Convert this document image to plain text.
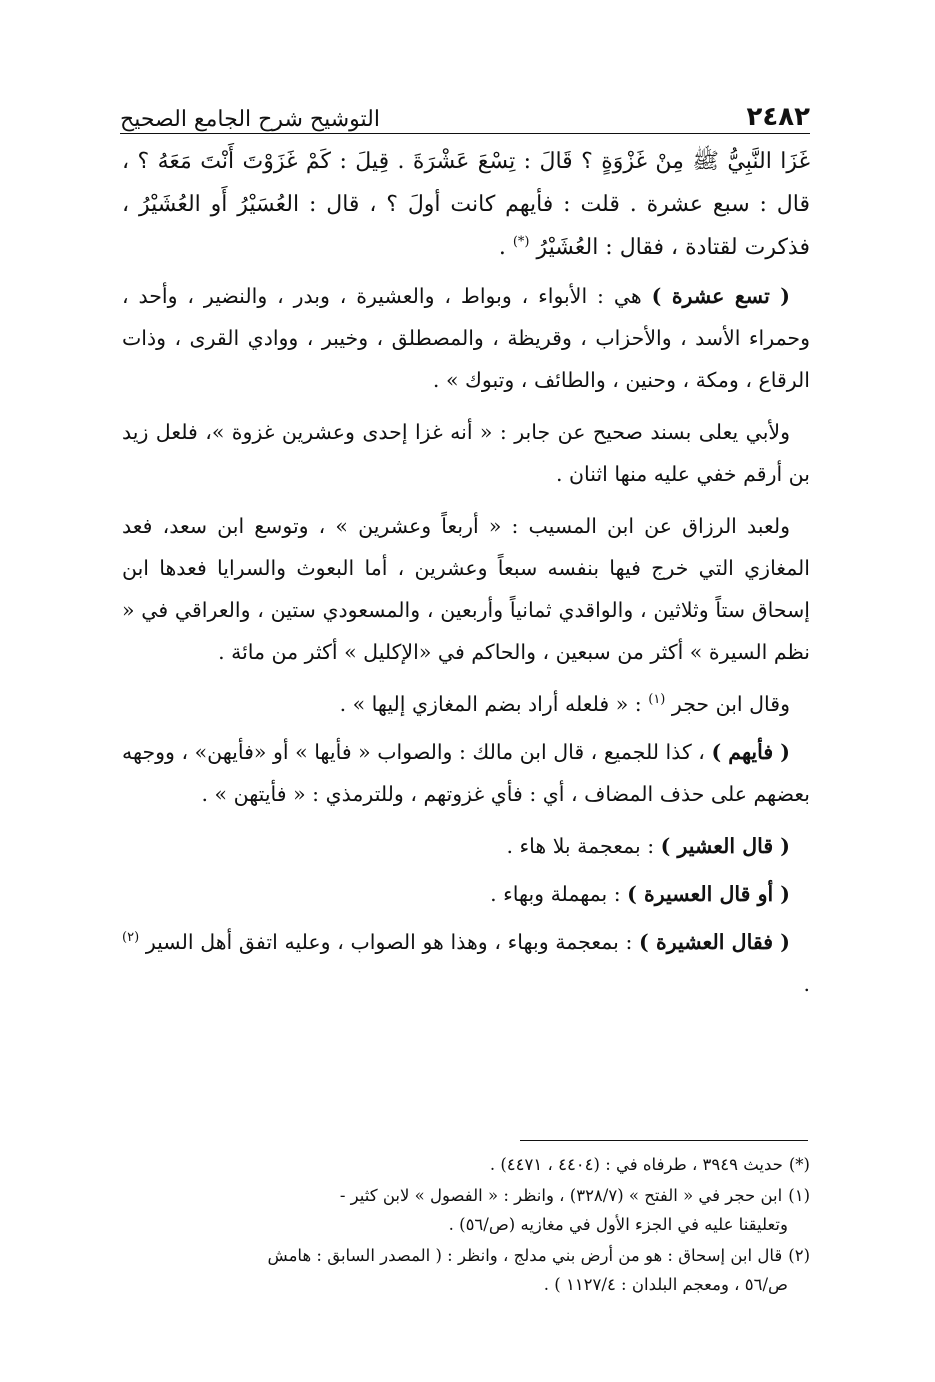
٢٤٨٢
التوشيح شرح الجامع الصحيح

غَزَا النَّبِيُّ ﷺ مِنْ غَزْوَةٍ ؟ قَالَ : تِسْعَ عَشْرَةَ . قِيلَ : كَمْ غَزَوْتَ أَنْتَ مَعَهُ ؟ ، قال : سبع عشرة . قلت : فأيهم كانت أولَ ؟ ، قال : العُسَيْرُ أَو العُشَيْرُ ، فذكرت لقتادة ، فقال : العُشَيْرُ (*) .

( تسع عشرة ) هي : الأبواء ، وبواط ، والعشيرة ، وبدر ، والنضير ، وأحد ، وحمراء الأسد ، والأحزاب ، وقريظة ، والمصطلق ، وخيبر ، ووادي القرى ، وذات الرقاع ، ومكة ، وحنين ، والطائف ، وتبوك » .

ولأبي يعلى بسند صحيح عن جابر : « أنه غزا إحدى وعشرين غزوة »، فلعل زيد بن أرقم خفي عليه منها اثنان .

ولعبد الرزاق عن ابن المسيب : « أربعاً وعشرين » ، وتوسع ابن سعد، فعد المغازي التي خرج فيها بنفسه سبعاً وعشرين ، أما البعوث والسرايا فعدها ابن إسحاق ستاً وثلاثين ، والواقدي ثمانياً وأربعين ، والمسعودي ستين ، والعراقي في « نظم السيرة » أكثر من سبعين ، والحاكم في «الإكليل » أكثر من مائة .

وقال ابن حجر $^{(١)}$ : « فلعله أراد بضم المغازي إليها » .

( فأيهم ) ، كذا للجميع ، قال ابن مالك : والصواب « فأيها » أو «فأيهن» ، ووجهه بعضهم على حذف المضاف ، أي : فأي غزوتهم ، وللترمذي : « فأيتهن » .

( قال العشير ) : بمعجمة بلا هاء .

( أو قال العسيرة ) : بمهملة وبهاء .

( فقال العشيرة ) : بمعجمة وبهاء ، وهذا هو الصواب ، وعليه اتفق أهل السير $^{(٢)}$ .

(*)حديث ٣٩٤٩ ، طرفاه في : (٤٤٠٤ ، ٤٤٧١) .

(١)ابن حجر في « الفتح » (٣٢٨/٧) ، وانظر : « الفصول » لابن كثير -
وتعليقنا عليه في الجزء الأول في مغازيه (ص/٥٦) .

(٢)قال ابن إسحاق : هو من أرض بني مدلج ، وانظر : ( المصدر السابق : هامش
ص/٥٦ ، ومعجم البلدان : ١١٢٧/٤ ) .
